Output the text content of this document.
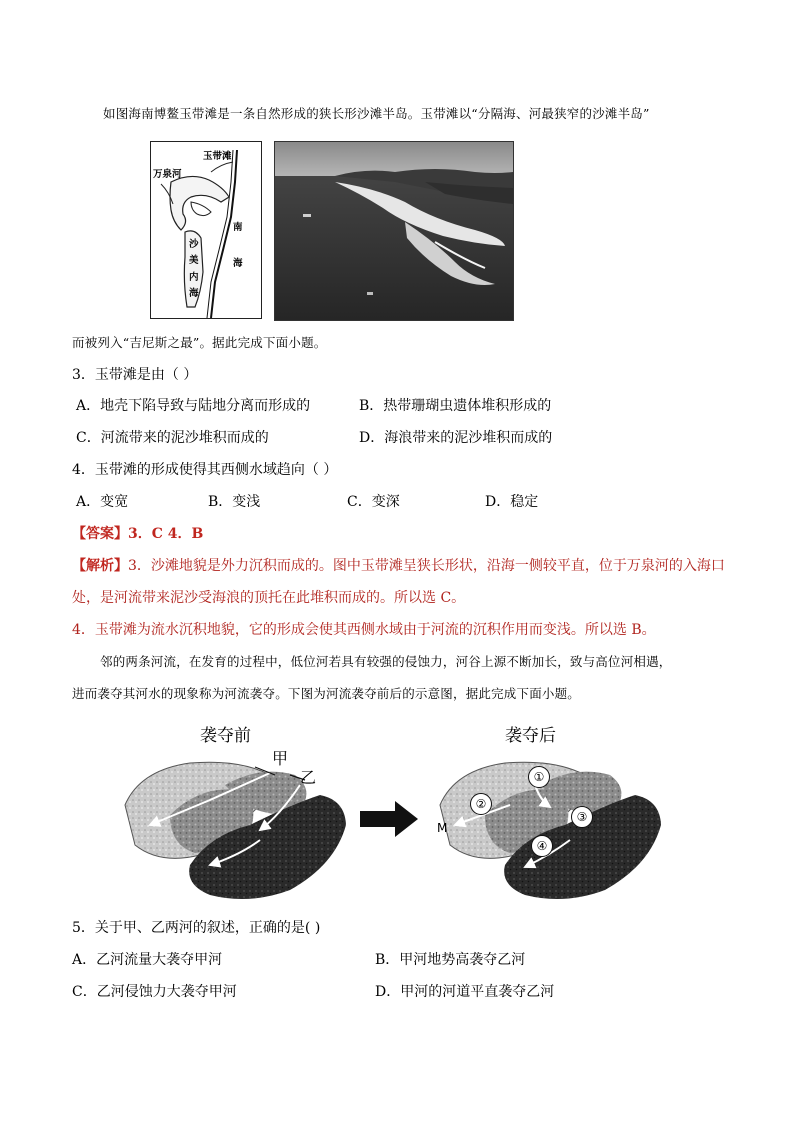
如图海南博鳌玉带滩是一条自然形成的狭长形沙滩半岛。玉带滩以“分隔海、河最狭窄的沙滩半岛”
玉带滩
万泉河
南
海
沙
美
内
海
而被列入“吉尼斯之最”。据此完成下面小题。
3．玉带滩是由（ ）
A．地壳下陷导致与陆地分离而形成的	B．热带珊瑚虫遗体堆积形成的
C．河流带来的泥沙堆积而成的	D．海浪带来的泥沙堆积而成的
4．玉带滩的形成使得其西侧水域趋向（ ）
A．变宽	B．变浅	C．变深	D．稳定
【答案】3．C 4．B
【解析】3．沙滩地貌是外力沉积而成的。图中玉带滩呈狭长形状，沿海一侧较平直，位于万泉河的入海口
处，是河流带来泥沙受海浪的顶托在此堆积而成的。所以选 C。
4．玉带滩为流水沉积地貌，它的形成会使其西侧水域由于河流的沉积作用而变浅。所以选 B。
邻的两条河流，在发育的过程中，低位河若具有较强的侵蚀力，河谷上源不断加长，致与高位河相遇，
进而袭夺其河水的现象称为河流袭夺。下图为河流袭夺前后的示意图，据此完成下面小题。
袭夺前	袭夺后
甲
乙
M
①
②
③
④
5．关于甲、乙两河的叙述，正确的是( )
A．乙河流量大袭夺甲河	B．甲河地势高袭夺乙河
C．乙河侵蚀力大袭夺甲河	D．甲河的河道平直袭夺乙河
